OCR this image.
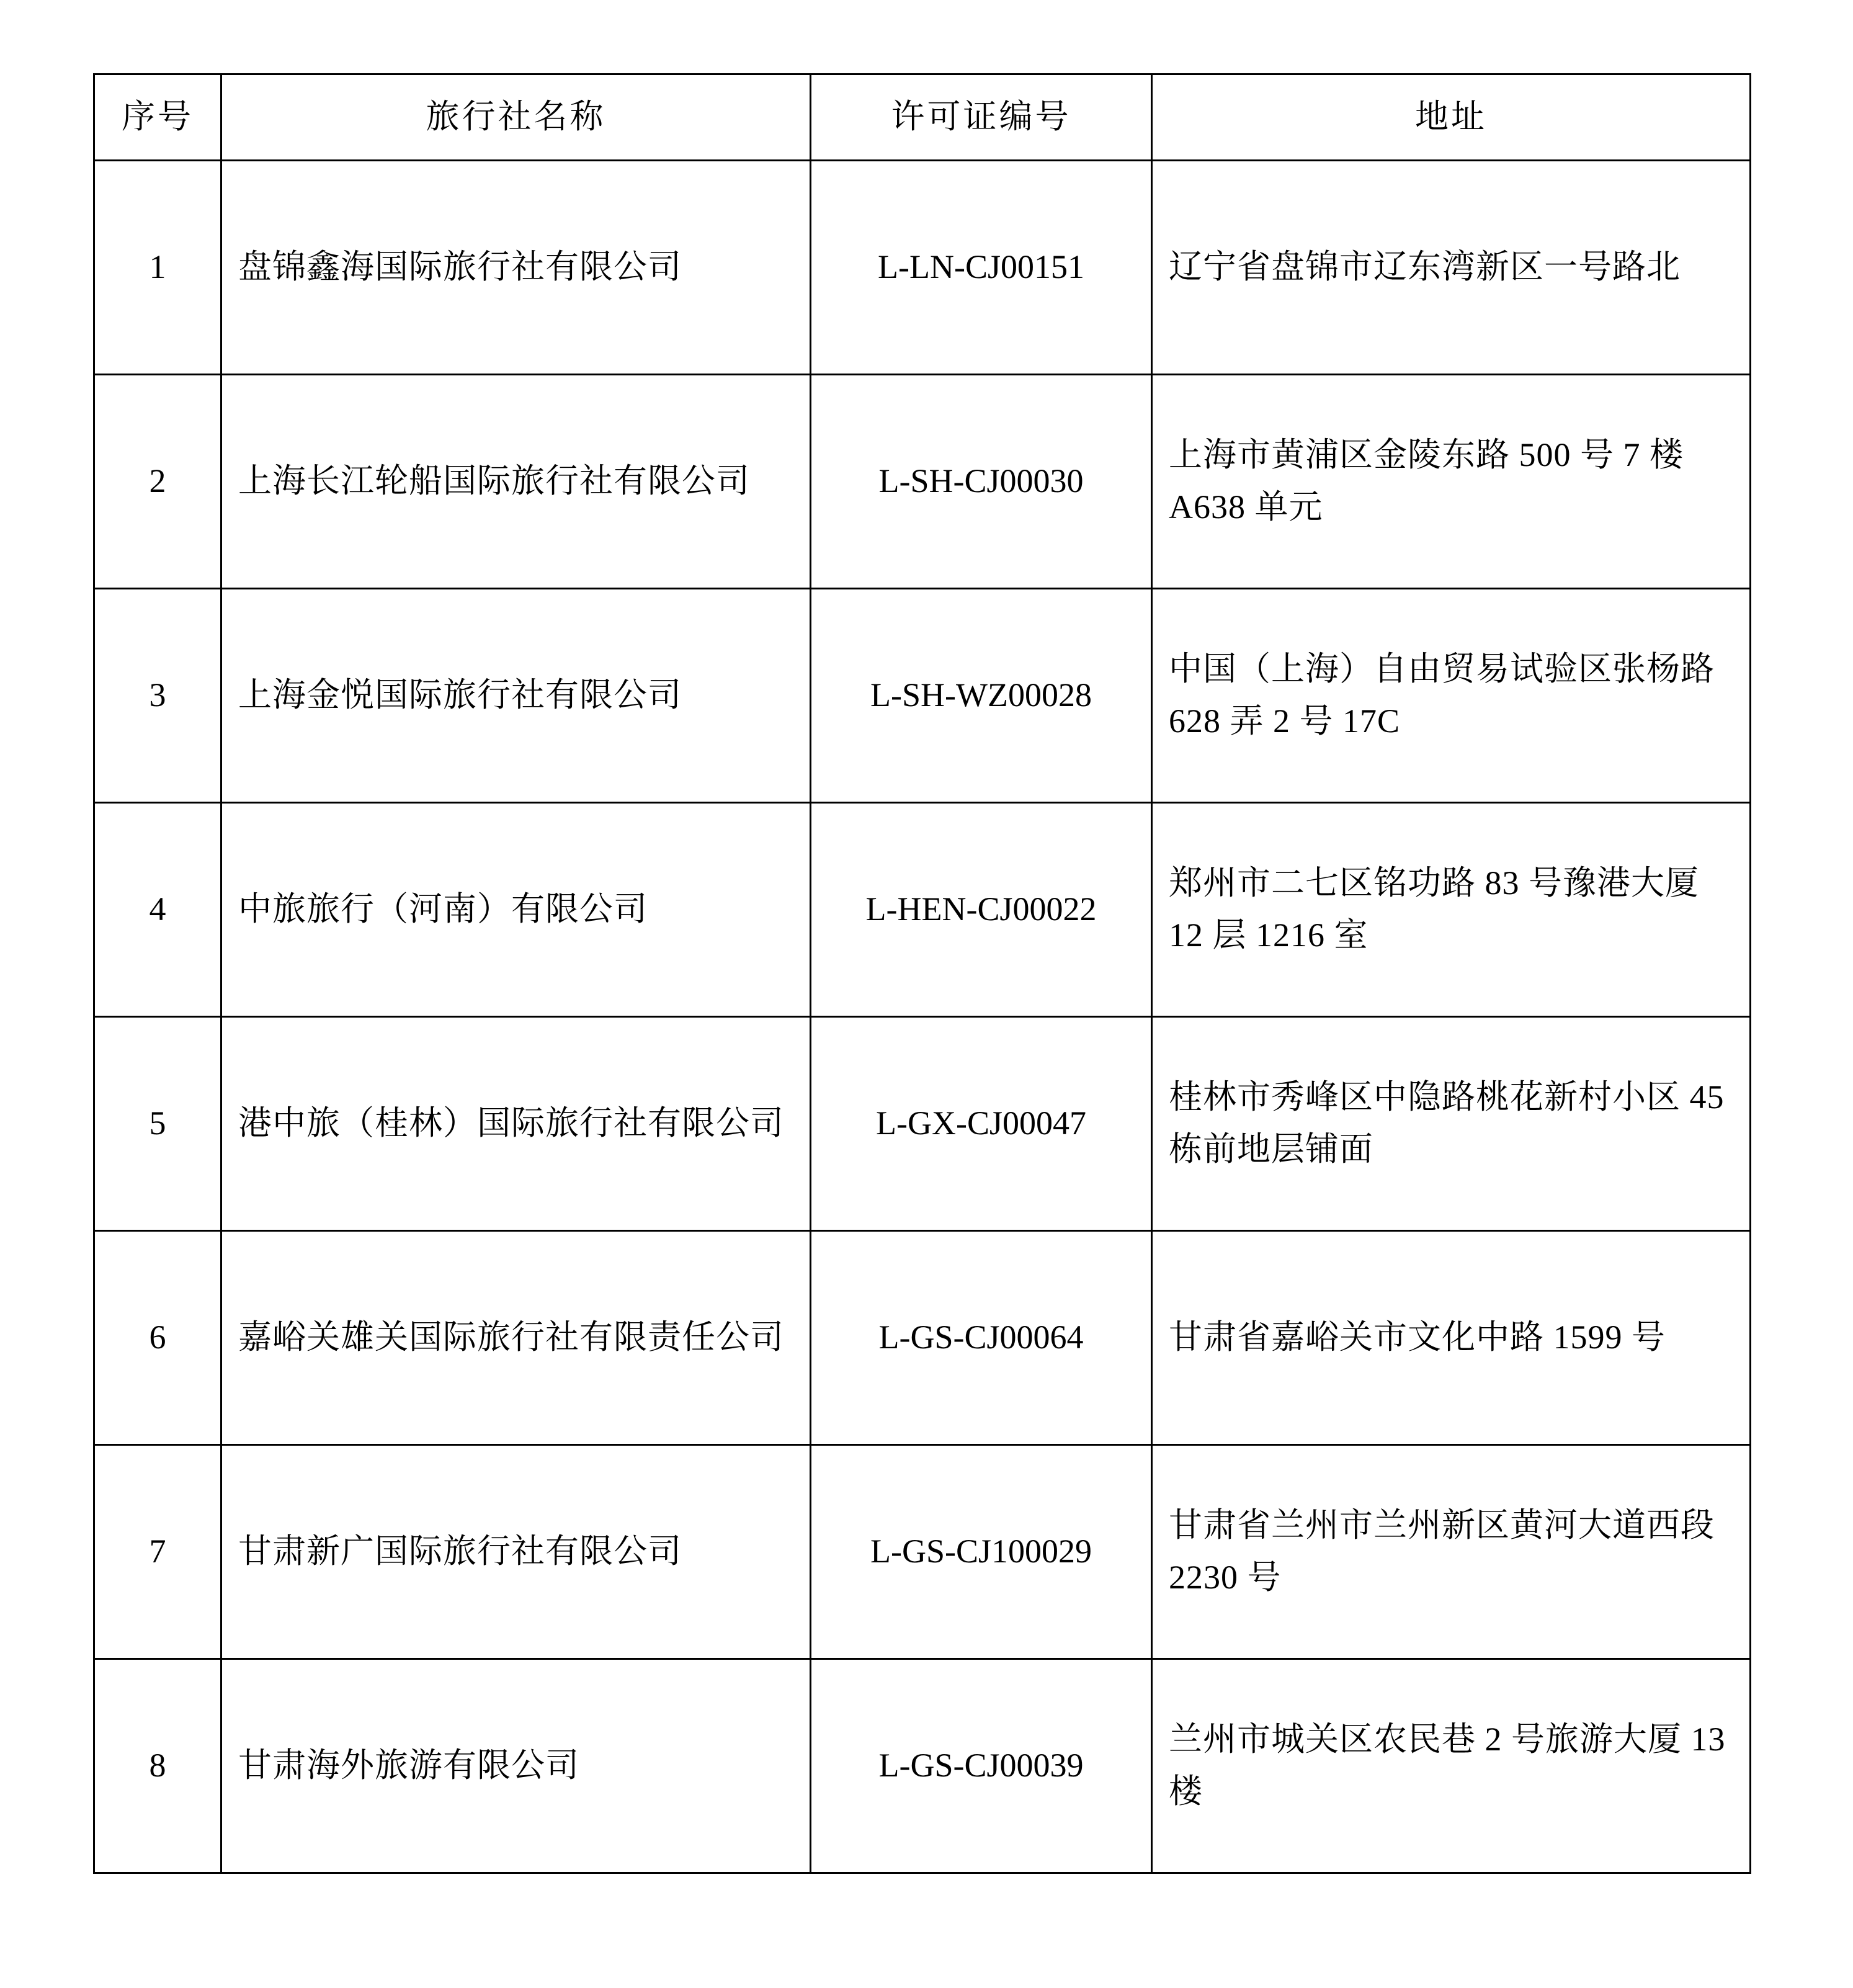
序号	旅行社名称	许可证编号	地址
1	盘锦鑫海国际旅行社有限公司	L-LN-CJ00151	辽宁省盘锦市辽东湾新区一号路北
2	上海长江轮船国际旅行社有限公司	L-SH-CJ00030	上海市黄浦区金陵东路 500 号 7 楼 A638 单元
3	上海金悦国际旅行社有限公司	L-SH-WZ00028	中国（上海）自由贸易试验区张杨路 628 弄 2 号 17C
4	中旅旅行（河南）有限公司	L-HEN-CJ00022	郑州市二七区铭功路 83 号豫港大厦 12 层 1216 室
5	港中旅（桂林）国际旅行社有限公司	L-GX-CJ00047	桂林市秀峰区中隐路桃花新村小区 45 栋前地层铺面
6	嘉峪关雄关国际旅行社有限责任公司	L-GS-CJ00064	甘肃省嘉峪关市文化中路 1599 号
7	甘肃新广国际旅行社有限公司	L-GS-CJ100029	甘肃省兰州市兰州新区黄河大道西段 2230 号
8	甘肃海外旅游有限公司	L-GS-CJ00039	兰州市城关区农民巷 2 号旅游大厦 13 楼
